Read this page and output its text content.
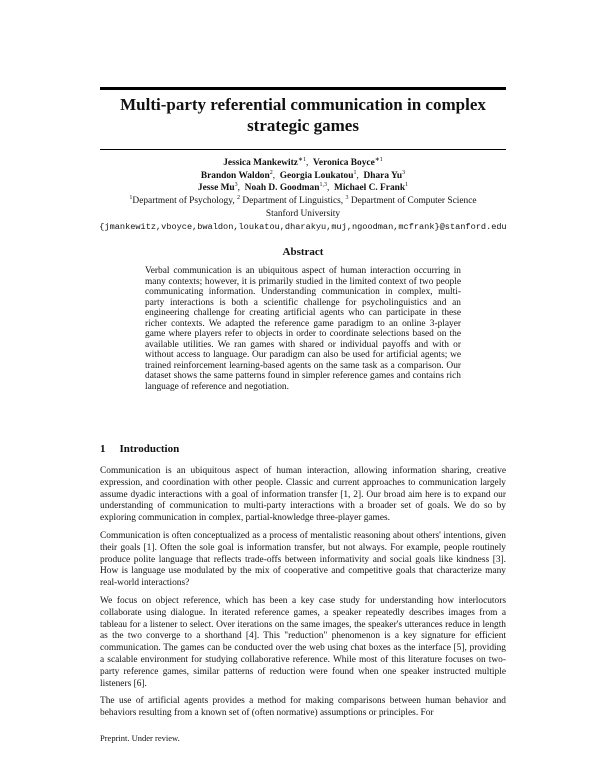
Multi-party referential communication in complex strategic games
Jessica Mankewitz$^{∗1}$,  Veronica Boyce$^{∗1}$
Brandon Waldon$^2$,  Georgia Loukatou$^1$,  Dhara Yu$^3$
Jesse Mu$^3$,  Noah D. Goodman$^{1,3}$,  Michael C. Frank$^1$
$^1$Department of Psychology, $^2$ Department of Linguistics, $^3$ Department of Computer Science
Stanford University
{jmankewitz,vboyce,bwaldon,loukatou,dharakyu,muj,ngoodman,mcfrank}@stanford.edu
Abstract

Verbal communication is an ubiquitous aspect of human interaction occurring in many contexts; however, it is primarily studied in the limited context of two people communicating information. Understanding communication in complex, multi-party interactions is both a scientific challenge for psycholinguistics and an engineering challenge for creating artificial agents who can participate in these richer contexts. We adapted the reference game paradigm to an online 3-player game where players refer to objects in order to coordinate selections based on the available utilities. We ran games with shared or individual payoffs and with or without access to language. Our paradigm can also be used for artificial agents; we trained reinforcement learning-based agents on the same task as a comparison. Our dataset shows the same patterns found in simpler reference games and contains rich language of reference and negotiation.

1 Introduction

Communication is an ubiquitous aspect of human interaction, allowing information sharing, creative expression, and coordination with other people. Classic and current approaches to communication largely assume dyadic interactions with a goal of information transfer [1, 2]. Our broad aim here is to expand our understanding of communication to multi-party interactions with a broader set of goals. We do so by exploring communication in complex, partial-knowledge three-player games.

Communication is often conceptualized as a process of mentalistic reasoning about others' intentions, given their goals [1]. Often the sole goal is information transfer, but not always. For example, people routinely produce polite language that reflects trade-offs between informativity and social goals like kindness [3]. How is language use modulated by the mix of cooperative and competitive goals that characterize many real-world interactions?

We focus on object reference, which has been a key case study for understanding how interlocutors collaborate using dialogue. In iterated reference games, a speaker repeatedly describes images from a tableau for a listener to select. Over iterations on the same images, the speaker's utterances reduce in length as the two converge to a shorthand [4]. This "reduction" phenomenon is a key signature for efficient communication. The games can be conducted over the web using chat boxes as the interface [5], providing a scalable environment for studying collaborative reference. While most of this literature focuses on two-party reference games, similar patterns of reduction were found when one speaker instructed multiple listeners [6].

The use of artificial agents provides a method for making comparisons between human behavior and behaviors resulting from a known set of (often normative) assumptions or principles. For

Preprint. Under review.
